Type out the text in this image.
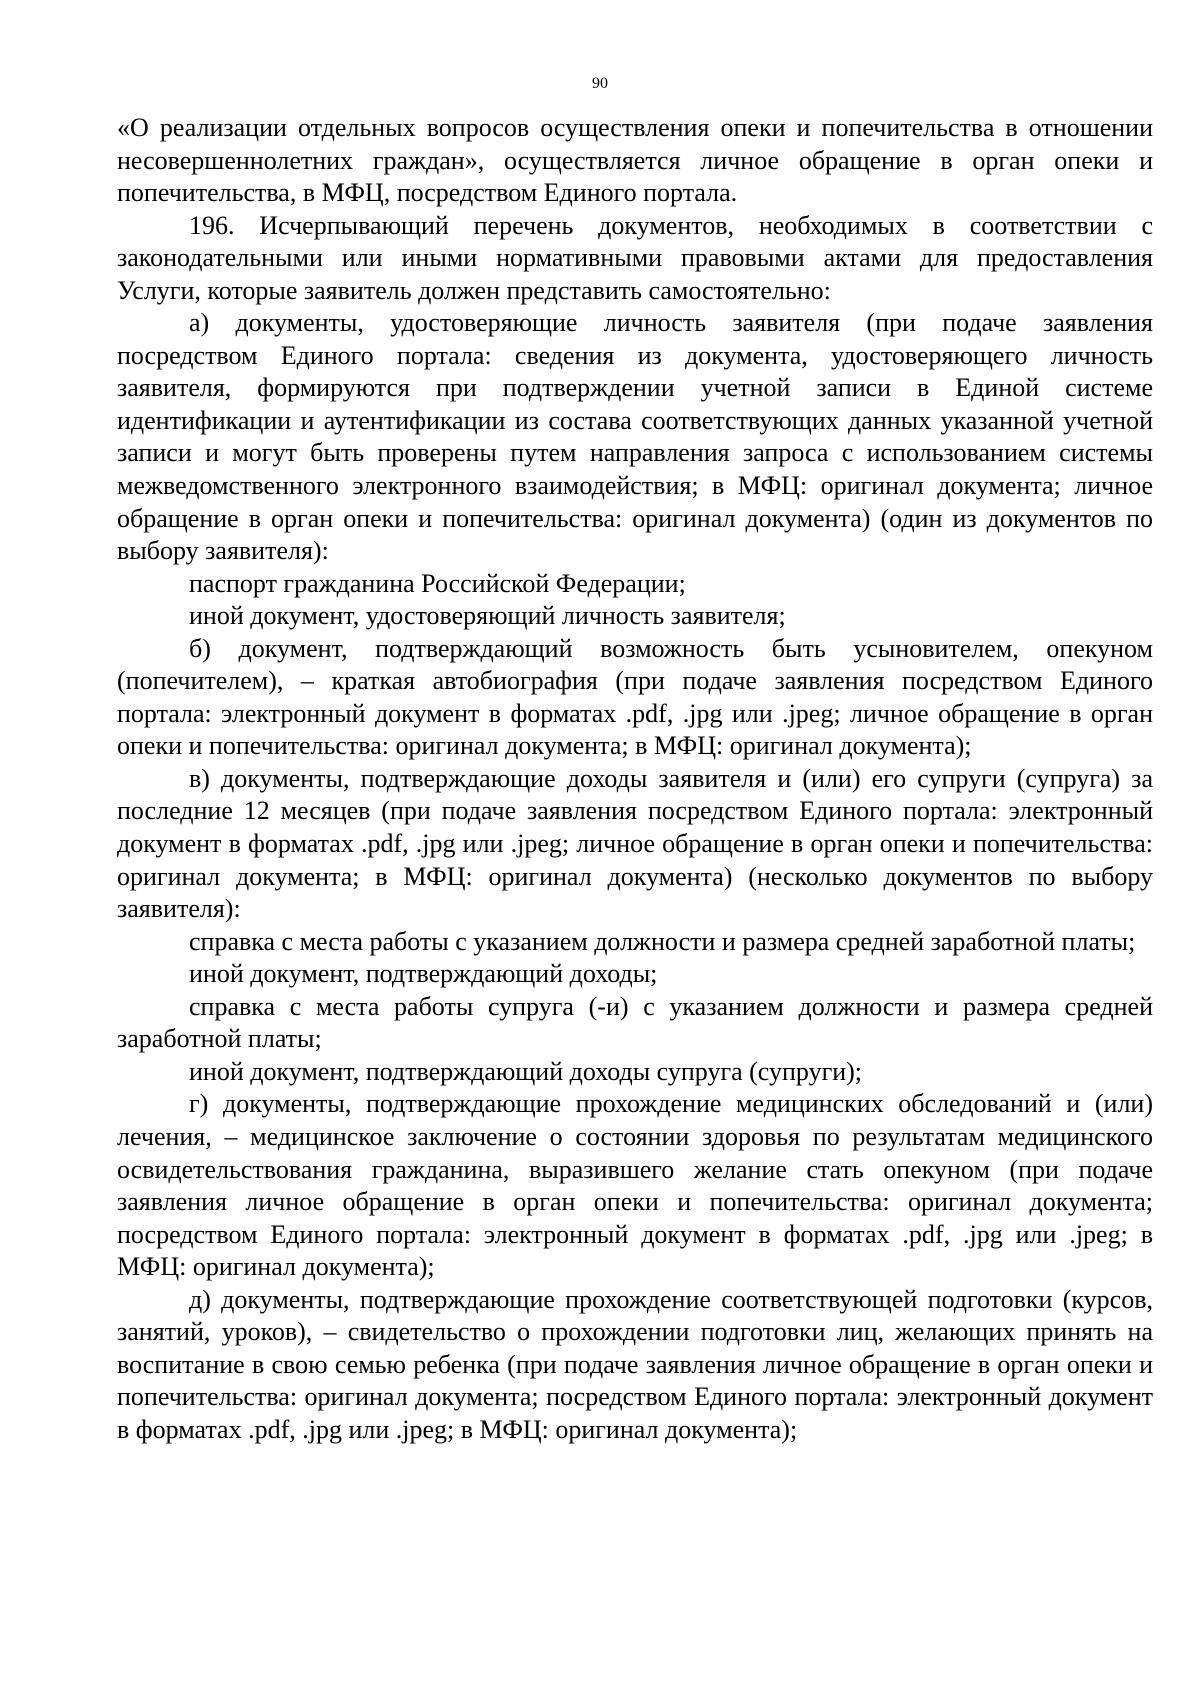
90

«О реализации отдельных вопросов осуществления опеки и попечительства в отношении несовершеннолетних граждан», осуществляется личное обращение в орган опеки и попечительства, в МФЦ, посредством Единого портала.

196. Исчерпывающий перечень документов, необходимых в соответствии с законодательными или иными нормативными правовыми актами для предоставления Услуги, которые заявитель должен представить самостоятельно:

а) документы, удостоверяющие личность заявителя (при подаче заявления посредством Единого портала: сведения из документа, удостоверяющего личность заявителя, формируются при подтверждении учетной записи в Единой системе идентификации и аутентификации из состава соответствующих данных указанной учетной записи и могут быть проверены путем направления запроса с использованием системы межведомственного электронного взаимодействия; в МФЦ: оригинал документа; личное обращение в орган опеки и попечительства: оригинал документа) (один из документов по выбору заявителя):

паспорт гражданина Российской Федерации;

иной документ, удостоверяющий личность заявителя;

б) документ, подтверждающий возможность быть усыновителем, опекуном (попечителем), – краткая автобиография (при подаче заявления посредством Единого портала: электронный документ в форматах .pdf, .jpg или .jpeg; личное обращение в орган опеки и попечительства: оригинал документа; в МФЦ: оригинал документа);

в) документы, подтверждающие доходы заявителя и (или) его супруги (супруга) за последние 12 месяцев (при подаче заявления посредством Единого портала: электронный документ в форматах .pdf, .jpg или .jpeg; личное обращение в орган опеки и попечительства: оригинал документа; в МФЦ: оригинал документа) (несколько документов по выбору заявителя):

справка с места работы с указанием должности и размера средней заработной платы;

иной документ, подтверждающий доходы;

справка с места работы супруга (-и) с указанием должности и размера средней заработной платы;

иной документ, подтверждающий доходы супруга (супруги);

г) документы, подтверждающие прохождение медицинских обследований и (или) лечения, – медицинское заключение о состоянии здоровья по результатам медицинского освидетельствования гражданина, выразившего желание стать опекуном (при подаче заявления личное обращение в орган опеки и попечительства: оригинал документа; посредством Единого портала: электронный документ в форматах .pdf, .jpg или .jpeg; в МФЦ: оригинал документа);

д) документы, подтверждающие прохождение соответствующей подготовки (курсов, занятий, уроков), – свидетельство о прохождении подготовки лиц, желающих принять на воспитание в свою семью ребенка (при подаче заявления личное обращение в орган опеки и попечительства: оригинал документа; посредством Единого портала: электронный документ в форматах .pdf, .jpg или .jpeg; в МФЦ: оригинал документа);
